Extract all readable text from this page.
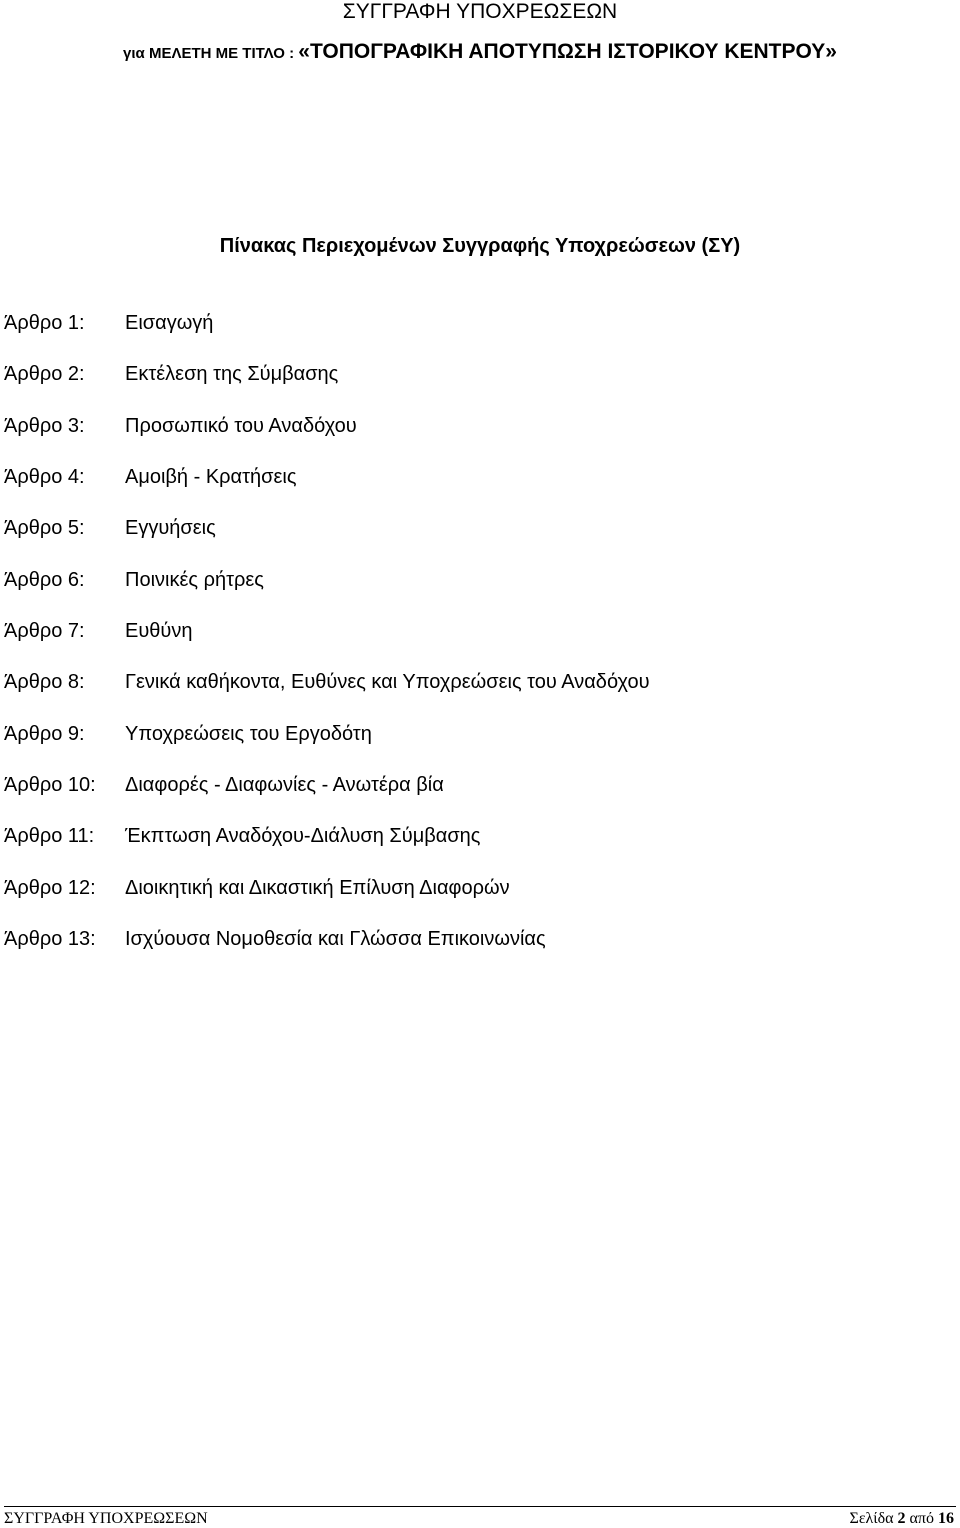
ΣΥΓΓΡΑΦΗ ΥΠΟΧΡΕΩΣΕΩΝ
για ΜΕΛΕΤΗ ΜΕ ΤΙΤΛΟ : «ΤΟΠΟΓΡΑΦΙΚΗ ΑΠΟΤΥΠΩΣΗ ΙΣΤΟΡΙΚΟΥ ΚΕΝΤΡΟΥ»
Πίνακας Περιεχομένων Συγγραφής Υποχρεώσεων (ΣΥ)
Άρθρο 1: Εισαγωγή
Άρθρο 2: Εκτέλεση της Σύμβασης
Άρθρο 3: Προσωπικό του Αναδόχου
Άρθρο 4: Αμοιβή - Κρατήσεις
Άρθρο 5: Εγγυήσεις
Άρθρο 6: Ποινικές ρήτρες
Άρθρο 7: Ευθύνη
Άρθρο 8: Γενικά καθήκοντα, Ευθύνες και Υποχρεώσεις του Αναδόχου
Άρθρο 9: Υποχρεώσεις του Εργοδότη
Άρθρο 10: Διαφορές - Διαφωνίες - Ανωτέρα βία
Άρθρο 11: Έκπτωση Αναδόχου-Διάλυση Σύμβασης
Άρθρο 12: Διοικητική και Δικαστική Επίλυση Διαφορών
Άρθρο 13: Ισχύουσα Νομοθεσία και Γλώσσα Επικοινωνίας
ΣΥΓΓΡΑΦΗ ΥΠΟΧΡΕΩΣΕΩΝ	Σελίδα 2 από 16
